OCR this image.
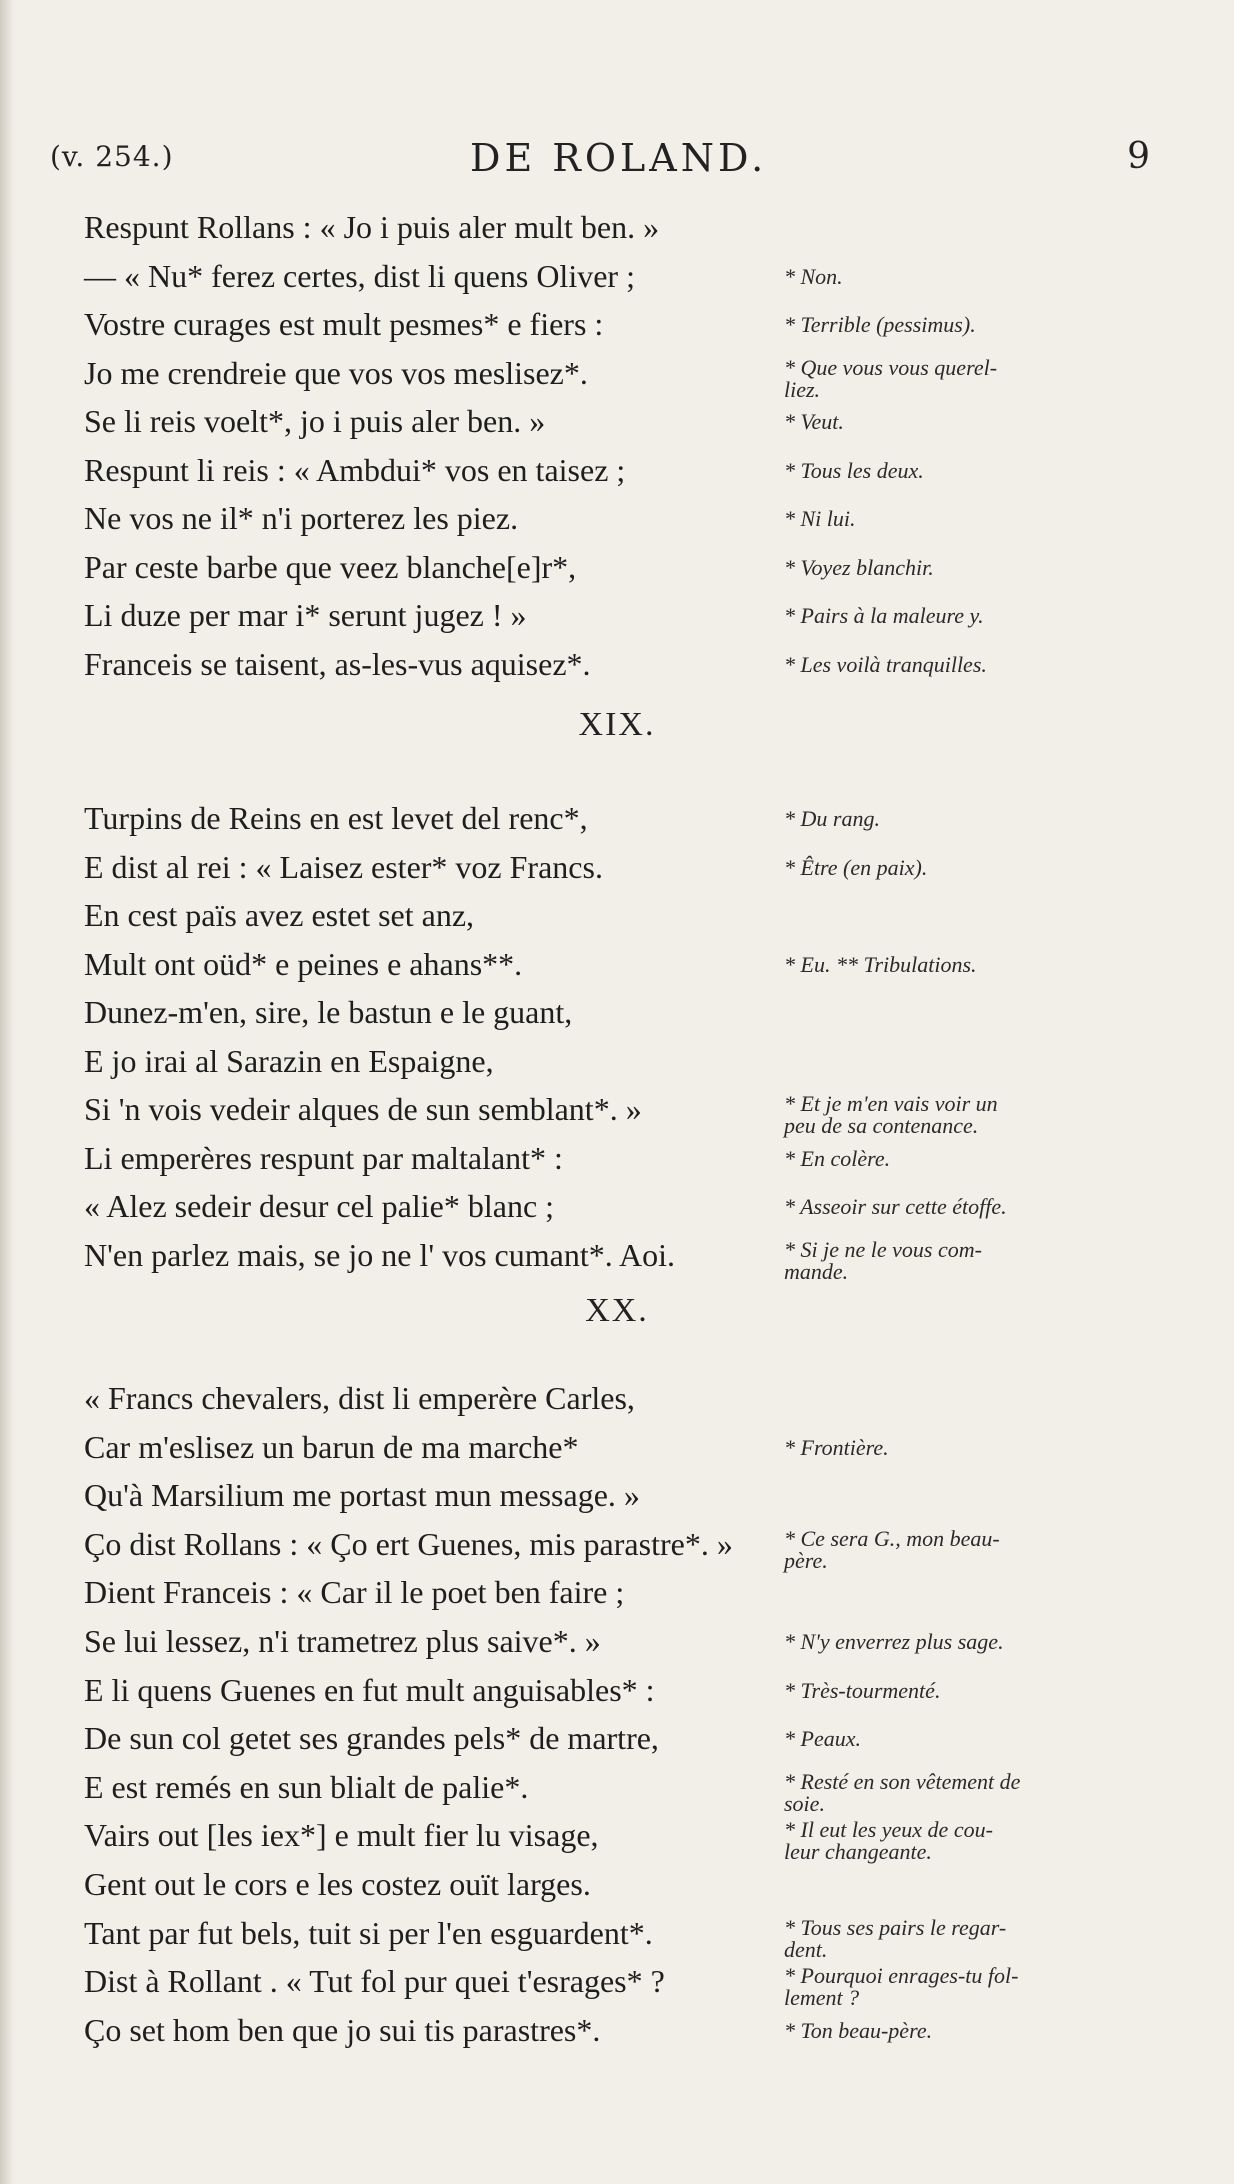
(v. 254.)	DE ROLAND.	9
Respunt Rollans : « Jo i puis aler mult ben. »
— « Nu* ferez certes, dist li quens Oliver ;	* Non.
Vostre curages est mult pesmes* e fiers :	* Terrible (pessimus).
Jo me crendreie que vos vos meslisez*.	* Que vous vous querel-
liez.
Se li reis voelt*, jo i puis aler ben. »	* Veut.
Respunt li reis : « Ambdui* vos en taisez ;	* Tous les deux.
Ne vos ne il* n'i porterez les piez.	* Ni lui.
Par ceste barbe que veez blanche[e]r*,	* Voyez blanchir.
Li duze per mar i* serunt jugez ! »	* Pairs à la maleure y.
Franceis se taisent, as-les-vus aquisez*.	* Les voilà tranquilles.
XIX.
Turpins de Reins en est levet del renc*,	* Du rang.
E dist al rei : « Laisez ester* voz Francs.	* Être (en paix).
En cest païs avez estet set anz,
Mult ont oüd* e peines e ahans**.	* Eu. ** Tribulations.
Dunez-m'en, sire, le bastun e le guant,
E jo irai al Sarazin en Espaigne,
Si 'n vois vedeir alques de sun semblant*. »	* Et je m'en vais voir un
peu de sa contenance.
Li emperères respunt par maltalant* :	* En colère.
« Alez sedeir desur cel palie* blanc ;	* Asseoir sur cette étoffe.
N'en parlez mais, se jo ne l' vos cumant*. Aoi.	* Si je ne le vous com-
mande.
XX.
« Francs chevalers, dist li emperère Carles,
Car m'eslisez un barun de ma marche*	* Frontière.
Qu'à Marsilium me portast mun message. »
Ço dist Rollans : « Ço ert Guenes, mis parastre*. » * Ce sera G., mon beau-
père.
Dient Franceis : « Car il le poet ben faire ;
Se lui lessez, n'i trametrez plus saive*. »	* N'y enverrez plus sage.
E li quens Guenes en fut mult anguisables* :	* Très-tourmenté.
De sun col getet ses grandes pels* de martre,	* Peaux.
E est remés en sun blialt de palie*.	* Resté en son vêtement de
soie.
Vairs out [les iex*] e mult fier lu visage,	* Il eut les yeux de cou-
leur changeante.
Gent out le cors e les costez ouït larges.
Tant par fut bels, tuit si per l'en esguardent*.	* Tous ses pairs le regar-
dent.
Dist à Rollant . « Tut fol pur quei t'esrages* ?	* Pourquoi enrages-tu fol-
lement ?
Ço set hom ben que jo sui tis parastres*.	* Ton beau-père.
